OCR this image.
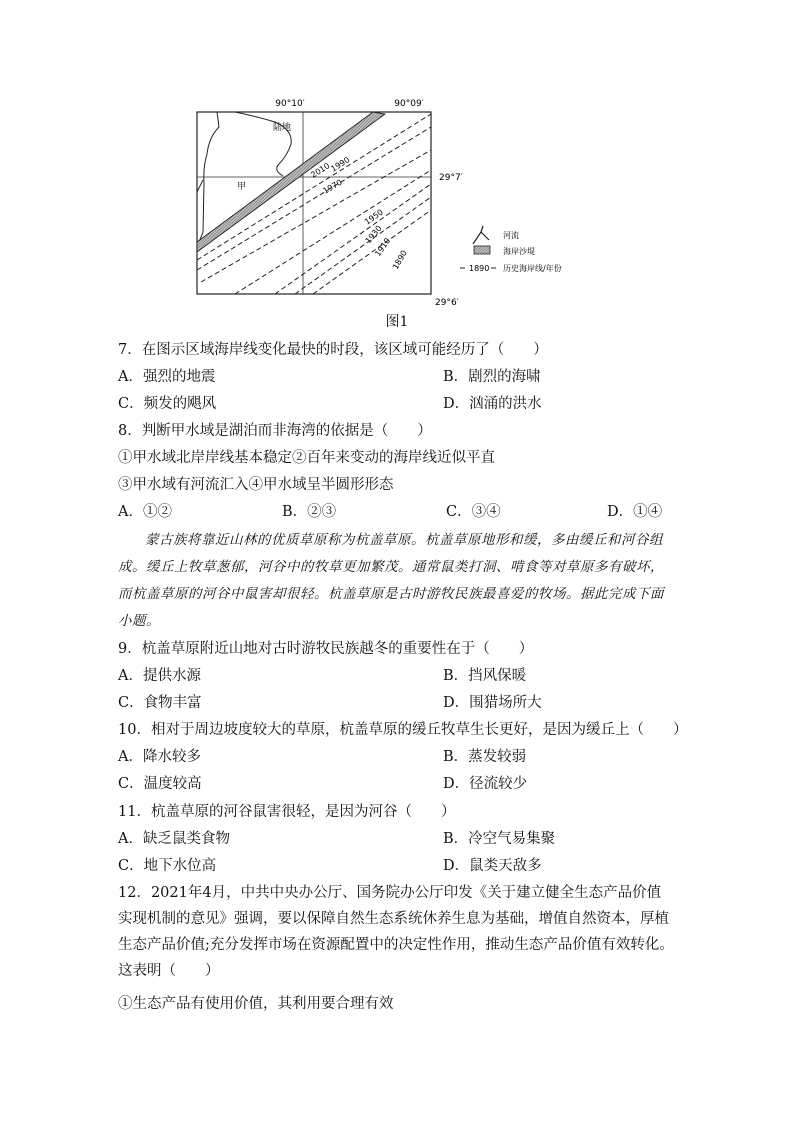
90°10′	90°09′
2010
1990
1970
1950
1930
1910
1890
陆地
甲
29°7′
29°6′
河流
海岸沙堤
1890 历史海岸线/年份
图1
7．在图示区域海岸线变化最快的时段，该区域可能经历了（　　）
A．强烈的地震	B．剧烈的海啸
C．频发的飓风	D．汹涌的洪水
8．判断甲水域是湖泊而非海湾的依据是（　　）
①甲水域北岸岸线基本稳定②百年来变动的海岸线近似平直
③甲水域有河流汇入④甲水域呈半圆形形态
A．①②	B．②③	C．③④	D．①④

蒙古族将靠近山林的优质草原称为杭盖草原。杭盖草原地形和缓，多由缓丘和河谷组成。缓丘上牧草葱郁，河谷中的牧草更加繁茂。通常鼠类打洞、啃食等对草原多有破坏，而杭盖草原的河谷中鼠害却很轻。杭盖草原是古时游牧民族最喜爱的牧场。据此完成下面小题。

9．杭盖草原附近山地对古时游牧民族越冬的重要性在于（　　）
A．提供水源	B．挡风保暖
C．食物丰富	D．围猎场所大
10．相对于周边坡度较大的草原，杭盖草原的缓丘牧草生长更好，是因为缓丘上（　　）
A．降水较多	B．蒸发较弱
C．温度较高	D．径流较少
11．杭盖草原的河谷鼠害很轻，是因为河谷（　　）
A．缺乏鼠类食物	B．冷空气易集聚
C．地下水位高	D．鼠类天敌多
12．2021年4月，中共中央办公厅、国务院办公厅印发《关于建立健全生态产品价值实现机制的意见》强调，要以保障自然生态系统休养生息为基础，增值自然资本，厚植生态产品价值;充分发挥市场在资源配置中的决定性作用，推动生态产品价值有效转化。这表明（　　）
①生态产品有使用价值，其利用要合理有效
